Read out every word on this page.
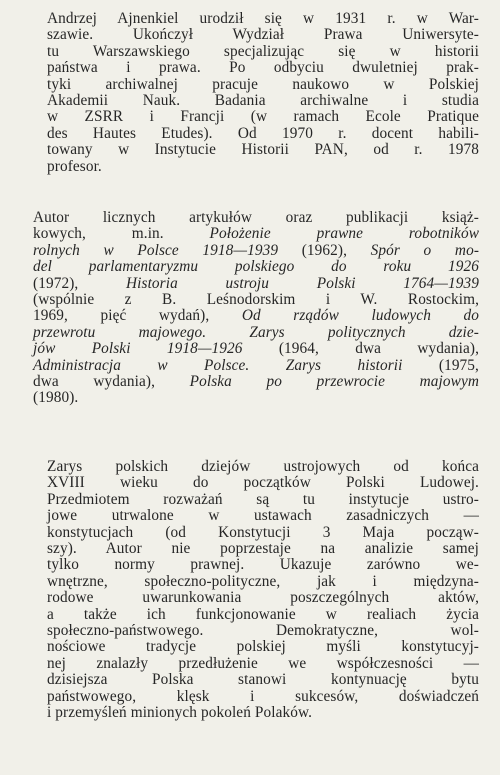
Andrzej Ajnenkiel urodził się w 1931 r. w War-
szawie. Ukończył Wydział Prawa Uniwersyte-
tu Warszawskiego specjalizując się w historii
państwa i prawa. Po odbyciu dwuletniej prak-
tyki archiwalnej pracuje naukowo w Polskiej
Akademii Nauk. Badania archiwalne i studia
w ZSRR i Francji (w ramach Ecole Pratique
des Hautes Etudes). Od 1970 r. docent habili-
towany w Instytucie Historii PAN, od r. 1978
profesor.
Autor licznych artykułów oraz publikacji książ-
kowych, m.in. Położenie prawne robotników
rolnych w Polsce 1918—1939 (1962), Spór o mo-
del parlamentaryzmu polskiego do roku 1926
(1972), Historia ustroju Polski 1764—1939
(wspólnie z B. Leśnodorskim i W. Rostockim,
1969, pięć wydań), Od rządów ludowych do
przewrotu majowego. Zarys politycznych dzie-
jów Polski 1918—1926 (1964, dwa wydania),
Administracja w Polsce. Zarys historii (1975,
dwa wydania), Polska po przewrocie majowym
(1980).
Zarys polskich dziejów ustrojowych od końca
XVIII wieku do początków Polski Ludowej.
Przedmiotem rozważań są tu instytucje ustro-
jowe utrwalone w ustawach zasadniczych —
konstytucjach (od Konstytucji 3 Maja począw-
szy). Autor nie poprzestaje na analizie samej
tylko normy prawnej. Ukazuje zarówno we-
wnętrzne, społeczno-polityczne, jak i międzyna-
rodowe uwarunkowania poszczególnych aktów,
a także ich funkcjonowanie w realiach życia
społeczno-państwowego. Demokratyczne, wol-
nościowe tradycje polskiej myśli konstytucyj-
nej znalazły przedłużenie we współczesności —
dzisiejsza Polska stanowi kontynuację bytu
państwowego, klęsk i sukcesów, doświadczeń
i przemyśleń minionych pokoleń Polaków.
